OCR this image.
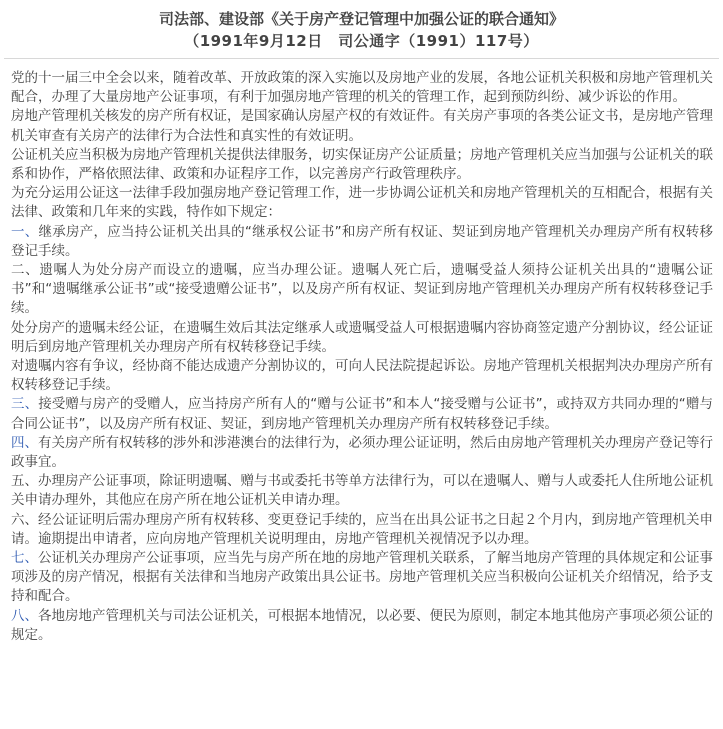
司法部、建设部《关于房产登记管理中加强公证的联合通知》
（1991年9月12日　司公通字（1991）117号）

党的十一届三中全会以来，随着改革、开放政策的深入实施以及房地产业的发展，各地公证机关积极和房地产管理机关配合，办理了大量房地产公证事项，有利于加强房地产管理的机关的管理工作，起到预防纠纷、减少诉讼的作用。

房地产管理机关核发的房产所有权证，是国家确认房屋产权的有效证件。有关房产事项的各类公证文书，是房地产管理机关审查有关房产的法律行为合法性和真实性的有效证明。

公证机关应当积极为房地产管理机关提供法律服务，切实保证房产公证质量；房地产管理机关应当加强与公证机关的联系和协作，严格依照法律、政策和办证程序工作，以完善房产行政管理秩序。

为充分运用公证这一法律手段加强房地产登记管理工作，进一步协调公证机关和房地产管理机关的互相配合，根据有关法律、政策和几年来的实践，特作如下规定：

一、继承房产，应当持公证机关出具的“继承权公证书”和房产所有权证、契证到房地产管理机关办理房产所有权转移登记手续。

二、遗嘱人为处分房产而设立的遗嘱，应当办理公证。遗嘱人死亡后，遗嘱受益人须持公证机关出具的“遗嘱公证书”和“遗嘱继承公证书”或“接受遗赠公证书”，以及房产所有权证、契证到房地产管理机关办理房产所有权转移登记手续。

处分房产的遗嘱未经公证，在遗嘱生效后其法定继承人或遗嘱受益人可根据遗嘱内容协商签定遗产分割协议，经公证证明后到房地产管理机关办理房产所有权转移登记手续。

对遗嘱内容有争议，经协商不能达成遗产分割协议的，可向人民法院提起诉讼。房地产管理机关根据判决办理房产所有权转移登记手续。

三、接受赠与房产的受赠人，应当持房产所有人的“赠与公证书”和本人“接受赠与公证书”，或持双方共同办理的“赠与合同公证书”，以及房产所有权证、契证，到房地产管理机关办理房产所有权转移登记手续。

四、有关房产所有权转移的涉外和涉港澳台的法律行为，必须办理公证证明，然后由房地产管理机关办理房产登记等行政事宜。

五、办理房产公证事项，除证明遗嘱、赠与书或委托书等单方法律行为，可以在遗嘱人、赠与人或委托人住所地公证机关申请办理外，其他应在房产所在地公证机关申请办理。

六、经公证证明后需办理房产所有权转移、变更登记手续的，应当在出具公证书之日起２个月内，到房地产管理机关申请。逾期提出申请者，应向房地产管理机关说明理由，房地产管理机关视情况予以办理。

七、公证机关办理房产公证事项，应当先与房产所在地的房地产管理机关联系，了解当地房产管理的具体规定和公证事项涉及的房产情况，根据有关法律和当地房产政策出具公证书。房地产管理机关应当积极向公证机关介绍情况，给予支持和配合。

八、各地房地产管理机关与司法公证机关，可根据本地情况，以必要、便民为原则，制定本地其他房产事项必须公证的规定。
